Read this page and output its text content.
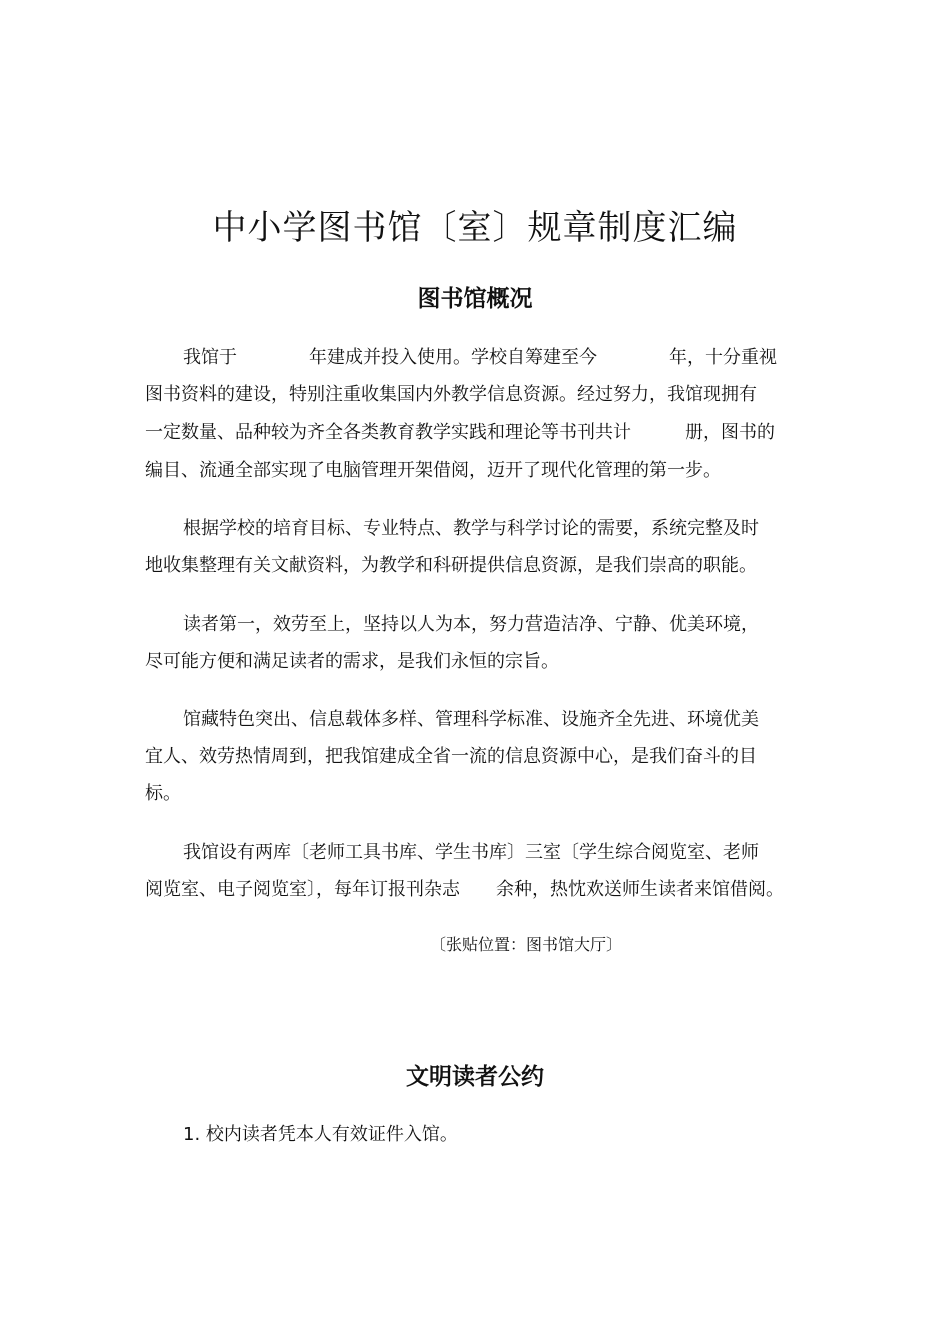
中小学图书馆〔室〕规章制度汇编
图书馆概况
我馆于　　　　年建成并投入使用。学校自筹建至今　　　　年，十分重视
图书资料的建设，特别注重收集国内外教学信息资源。经过努力，我馆现拥有
一定数量、品种较为齐全各类教育教学实践和理论等书刊共计　　　册，图书的
编目、流通全部实现了电脑管理开架借阅，迈开了现代化管理的第一步。
根据学校的培育目标、专业特点、教学与科学讨论的需要，系统完整及时
地收集整理有关文献资料，为教学和科研提供信息资源，是我们崇高的职能。
读者第一，效劳至上，坚持以人为本，努力营造洁净、宁静、优美环境，
尽可能方便和满足读者的需求，是我们永恒的宗旨。
馆藏特色突出、信息载体多样、管理科学标准、设施齐全先进、环境优美
宜人、效劳热情周到，把我馆建成全省一流的信息资源中心，是我们奋斗的目
标。
我馆设有两库〔老师工具书库、学生书库〕三室〔学生综合阅览室、老师
阅览室、电子阅览室〕，每年订报刊杂志　　余种，热忱欢送师生读者来馆借阅。
〔张贴位置：图书馆大厅〕
文明读者公约
1. 校内读者凭本人有效证件入馆。
